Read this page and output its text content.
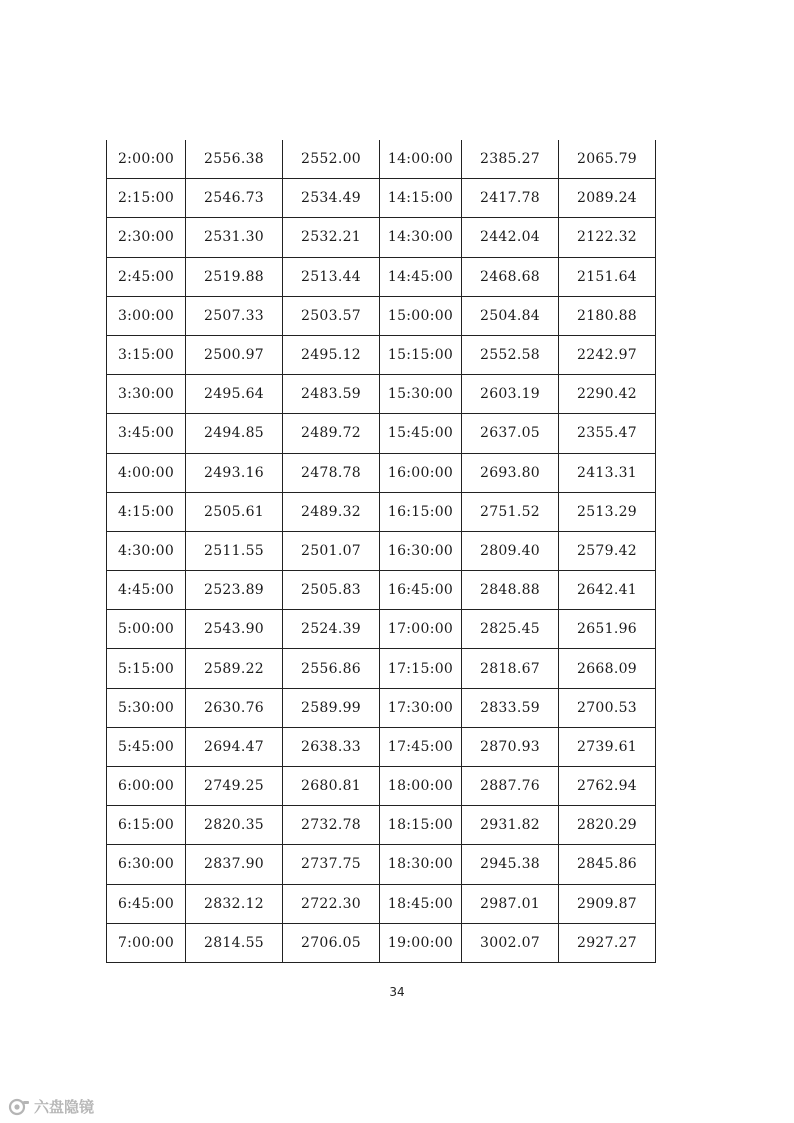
2:00:00	2556.38	2552.00	14:00:00	2385.27	2065.79
2:15:00	2546.73	2534.49	14:15:00	2417.78	2089.24
2:30:00	2531.30	2532.21	14:30:00	2442.04	2122.32
2:45:00	2519.88	2513.44	14:45:00	2468.68	2151.64
3:00:00	2507.33	2503.57	15:00:00	2504.84	2180.88
3:15:00	2500.97	2495.12	15:15:00	2552.58	2242.97
3:30:00	2495.64	2483.59	15:30:00	2603.19	2290.42
3:45:00	2494.85	2489.72	15:45:00	2637.05	2355.47
4:00:00	2493.16	2478.78	16:00:00	2693.80	2413.31
4:15:00	2505.61	2489.32	16:15:00	2751.52	2513.29
4:30:00	2511.55	2501.07	16:30:00	2809.40	2579.42
4:45:00	2523.89	2505.83	16:45:00	2848.88	2642.41
5:00:00	2543.90	2524.39	17:00:00	2825.45	2651.96
5:15:00	2589.22	2556.86	17:15:00	2818.67	2668.09
5:30:00	2630.76	2589.99	17:30:00	2833.59	2700.53
5:45:00	2694.47	2638.33	17:45:00	2870.93	2739.61
6:00:00	2749.25	2680.81	18:00:00	2887.76	2762.94
6:15:00	2820.35	2732.78	18:15:00	2931.82	2820.29
6:30:00	2837.90	2737.75	18:30:00	2945.38	2845.86
6:45:00	2832.12	2722.30	18:45:00	2987.01	2909.87
7:00:00	2814.55	2706.05	19:00:00	3002.07	2927.27
34
六盘隐镜
